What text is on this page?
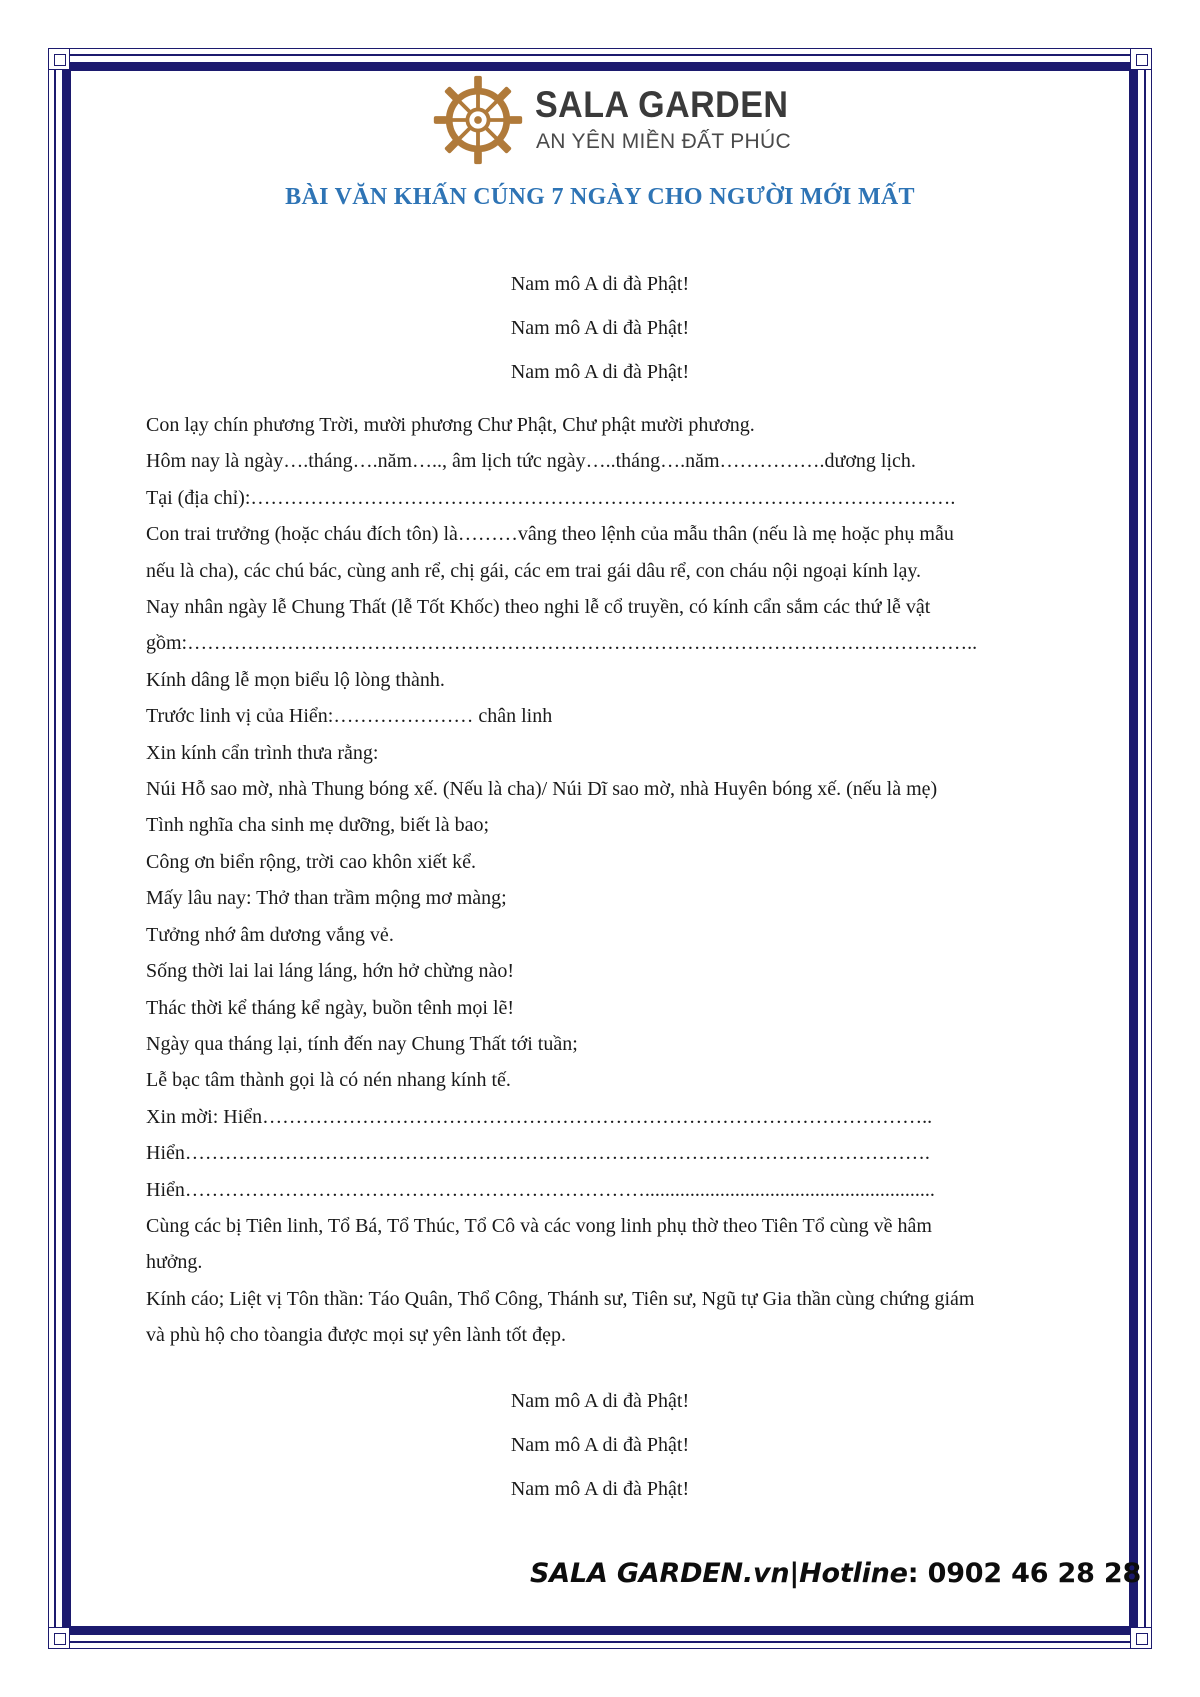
SALA GARDEN
AN YÊN MIỀN ĐẤT PHÚC
BÀI VĂN KHẤN CÚNG 7 NGÀY CHO NGƯỜI MỚI MẤT
Nam mô A di đà Phật!
Nam mô A di đà Phật!
Nam mô A di đà Phật!
Con lạy chín phương Trời, mười phương Chư Phật, Chư phật mười phương.
Hôm nay là ngày….tháng….năm….., âm lịch tức ngày…..tháng….năm…………….dương lịch.
Tại (địa chỉ):…………………………………………………………………………………………….
Con trai trưởng (hoặc cháu đích tôn) là………vâng theo lệnh của mẫu thân (nếu là mẹ hoặc phụ mẫu
nếu là cha), các chú bác, cùng anh rể, chị gái, các em trai gái dâu rể, con cháu nội ngoại kính lạy.
Nay nhân ngày lễ Chung Thất (lễ Tốt Khốc) theo nghi lễ cổ truyền, có kính cẩn sắm các thứ lễ vật
gồm:………………………………………………………………………………………………………..
Kính dâng lễ mọn biểu lộ lòng thành.
Trước linh vị của Hiển:………………… chân linh
Xin kính cẩn trình thưa rằng:
Núi Hỗ sao mờ, nhà Thung bóng xế. (Nếu là cha)/ Núi Dĩ sao mờ, nhà Huyên bóng xế. (nếu là mẹ)
Tình nghĩa cha sinh mẹ dưỡng, biết là bao;
Công ơn biển rộng, trời cao khôn xiết kể.
Mấy lâu nay: Thở than trầm mộng mơ màng;
Tưởng nhớ âm dương vắng vẻ.
Sống thời lai lai láng láng, hớn hở chừng nào!
Thác thời kể tháng kể ngày, buồn tênh mọi lẽ!
Ngày qua tháng lại, tính đến nay Chung Thất tới tuần;
Lễ bạc tâm thành gọi là có nén nhang kính tế.
Xin mời: Hiển………………………………………………………………………………………..
Hiển………………………………………………………………………………………………….
Hiển……………………………………………………………..........................................................
Cùng các bị Tiên linh, Tổ Bá, Tổ Thúc, Tổ Cô và các vong linh phụ thờ theo Tiên Tổ cùng về hâm
hưởng.
Kính cáo; Liệt vị Tôn thần: Táo Quân, Thổ Công, Thánh sư, Tiên sư, Ngũ tự Gia thần cùng chứng giám
và phù hộ cho tòangia được mọi sự yên lành tốt đẹp.
Nam mô A di đà Phật!
Nam mô A di đà Phật!
Nam mô A di đà Phật!
SALA GARDEN.vn|Hotline: 0902 46 28 28
